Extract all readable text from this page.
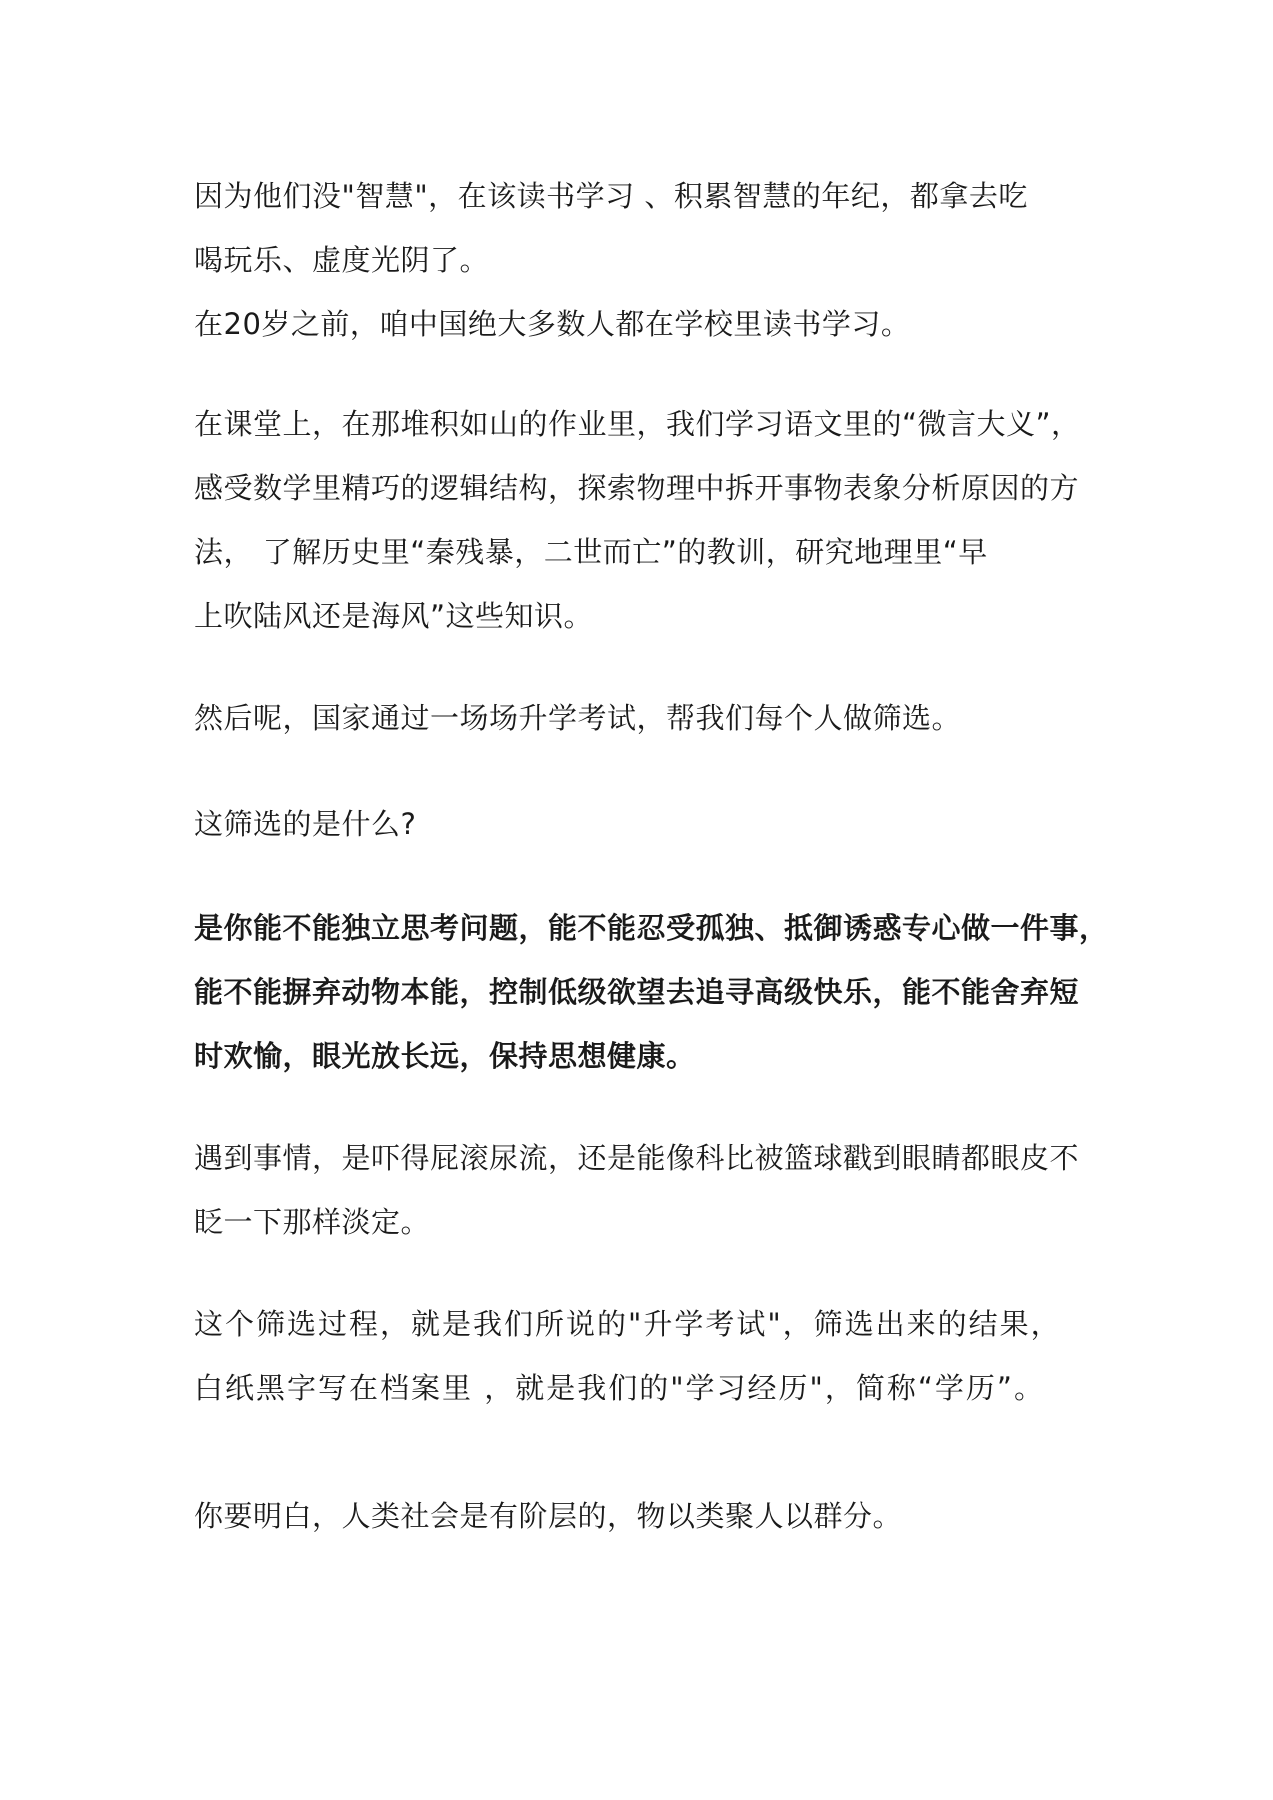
因为他们没"智慧"，在该读书学习 、积累智慧的年纪，都拿去吃
喝玩乐、虚度光阴了。
在20岁之前，咱中国绝大多数人都在学校里读书学习。

在课堂上，在那堆积如山的作业里，我们学习语文里的“微言大义”，
感受数学里精巧的逻辑结构，探索物理中拆开事物表象分析原因的方
法， 了解历史里“秦残暴，二世而亡”的教训，研究地理里“早
上吹陆风还是海风”这些知识。

然后呢，国家通过一场场升学考试，帮我们每个人做筛选。

这筛选的是什么?

是你能不能独立思考问题，能不能忍受孤独、抵御诱惑专心做一件事，
能不能摒弃动物本能，控制低级欲望去追寻高级快乐，能不能舍弃短
时欢愉，眼光放长远，保持思想健康。

遇到事情，是吓得屁滚尿流，还是能像科比被篮球戳到眼睛都眼皮不
眨一下那样淡定。

这个筛选过程，就是我们所说的"升学考试"，筛选出来的结果，
白纸黑字写在档案里 ，就是我们的"学习经历"，简称“学历”。

你要明白，人类社会是有阶层的，物以类聚人以群分。
